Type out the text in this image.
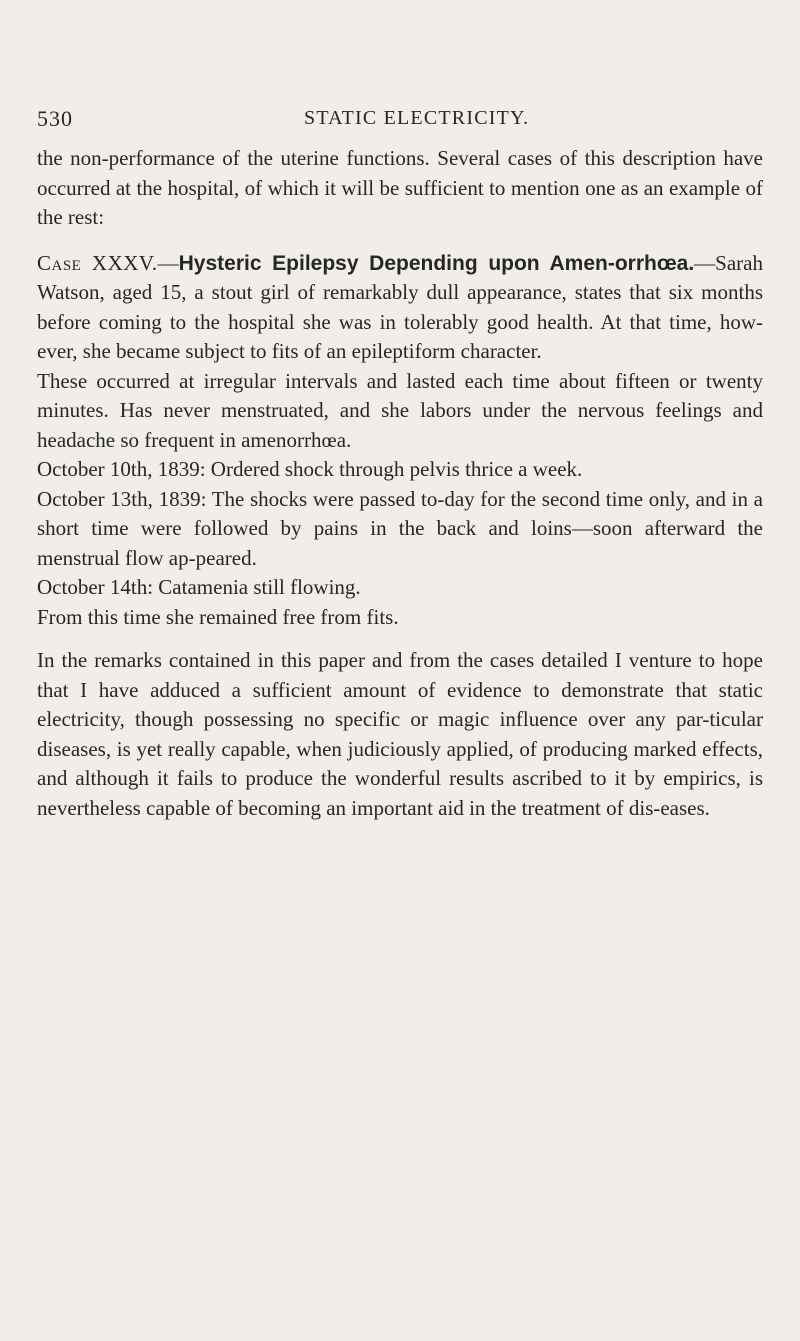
530	STATIC ELECTRICITY.

the non-performance of the uterine functions. Several cases of this description have occurred at the hospital, of which it will be sufficient to mention one as an example of the rest:

Case XXXV.—Hysteric Epilepsy Depending upon Amen-orrhœa.—Sarah Watson, aged 15, a stout girl of remarkably dull appearance, states that six months before coming to the hospital she was in tolerably good health. At that time, how-ever, she became subject to fits of an epileptiform character.

These occurred at irregular intervals and lasted each time about fifteen or twenty minutes. Has never menstruated, and she labors under the nervous feelings and headache so frequent in amenorrhœa.

October 10th, 1839: Ordered shock through pelvis thrice a week.

October 13th, 1839: The shocks were passed to-day for the second time only, and in a short time were followed by pains in the back and loins—soon afterward the menstrual flow ap-peared.

October 14th: Catamenia still flowing.

From this time she remained free from fits.

In the remarks contained in this paper and from the cases detailed I venture to hope that I have adduced a sufficient amount of evidence to demonstrate that static electricity, though possessing no specific or magic influence over any par-ticular diseases, is yet really capable, when judiciously applied, of producing marked effects, and although it fails to produce the wonderful results ascribed to it by empirics, is nevertheless capable of becoming an important aid in the treatment of dis-eases.
